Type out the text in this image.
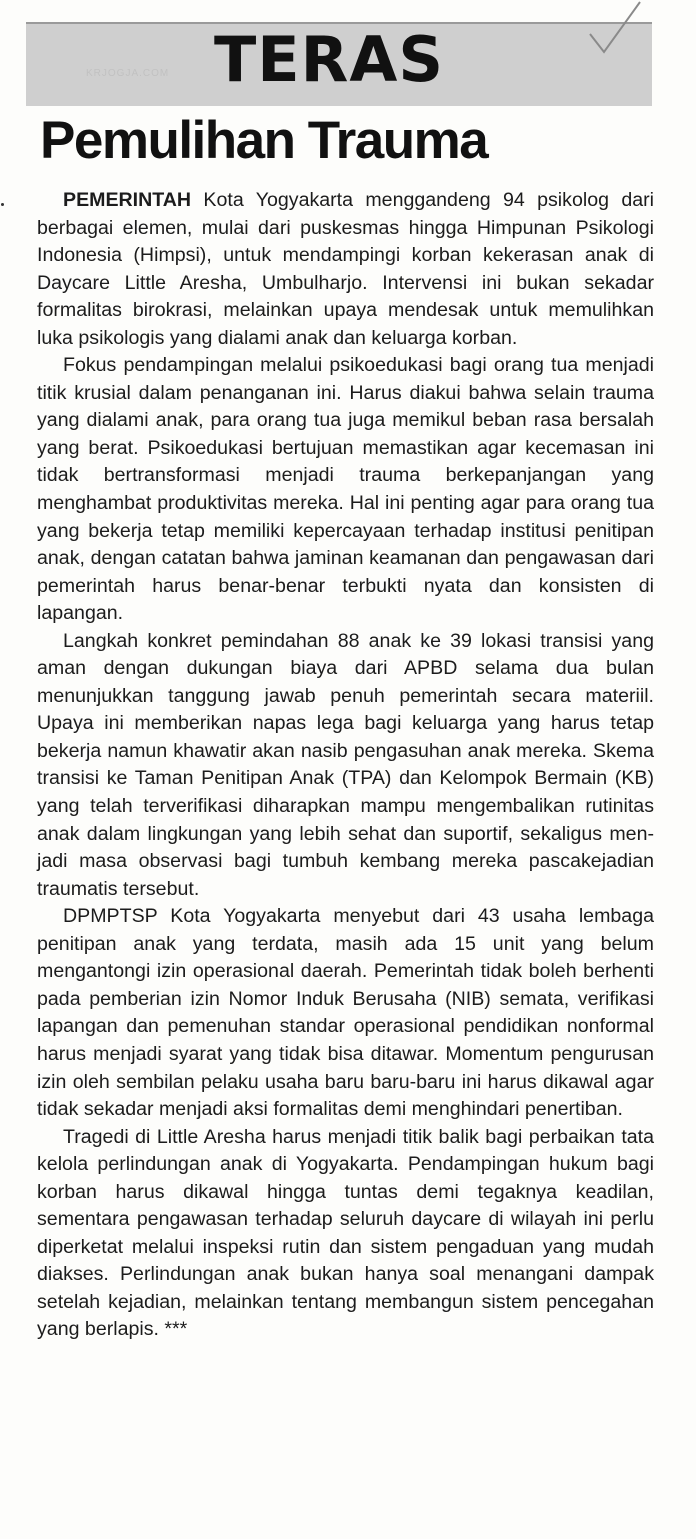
KRJOGJA.COM TERAS
Pemulihan Trauma

PEMERINTAH Kota Yogyakarta menggandeng 94 psikolog dari berbagai elemen, mulai dari puskesmas hingga Himpunan Psikologi Indonesia (Himpsi), untuk mendampingi korban kekerasan anak di Daycare Little Aresha, Umbulharjo. Intervensi ini bukan sekadar formalitas birokrasi, melainkan upaya mendesak untuk memulihkan luka psikologis yang dialami anak dan keluarga korban.

Fokus pendampingan melalui psikoedukasi bagi orang tua menjadi titik krusial dalam penanganan ini. Harus diakui bahwa selain trauma yang dialami anak, para orang tua juga memikul beban rasa bersalah yang berat. Psikoedukasi bertujuan memastikan agar kecemasan ini tidak bertransformasi menjadi trauma berkepanjangan yang menghambat produktivitas mereka. Hal ini penting agar para orang tua yang bekerja tetap memiliki kepercayaan terhadap institusi penitipan anak, dengan catatan bahwa jaminan keamanan dan pengawasan dari pemerintah harus benar-benar terbukti nyata dan konsisten di lapangan.

Langkah konkret pemindahan 88 anak ke 39 lokasi transisi yang aman dengan dukungan biaya dari APBD selama dua bulan menunjukkan tanggung jawab penuh pemerintah secara materiil. Upaya ini memberikan napas lega bagi keluarga yang harus tetap bekerja namun khawatir akan nasib pengasuhan anak mereka. Skema transisi ke Taman Penitipan Anak (TPA) dan Kelompok Bermain (KB) yang telah terverifikasi diharapkan mampu mengembalikan rutinitas anak dalam lingkungan yang lebih sehat dan suportif, sekaligus menjadi masa observasi bagi tumbuh kembang mereka pascakejadian traumatis tersebut.

DPMPTSP Kota Yogyakarta menyebut dari 43 usaha lembaga penitipan anak yang terdata, masih ada 15 unit yang belum mengantongi izin operasional daerah. Pemerintah tidak boleh berhenti pada pemberian izin Nomor Induk Berusaha (NIB) semata, verifikasi lapangan dan pemenuhan standar operasional pendidikan nonformal harus menjadi syarat yang tidak bisa ditawar. Momentum pengurusan izin oleh sembilan pelaku usaha baru baru-baru ini harus dikawal agar tidak sekadar menjadi aksi formalitas demi menghindari penertiban.

Tragedi di Little Aresha harus menjadi titik balik bagi perbaikan tata kelola perlindungan anak di Yogyakarta. Pendampingan hukum bagi korban harus dikawal hingga tuntas demi tegaknya keadilan, sementara pengawasan terhadap seluruh daycare di wilayah ini perlu diperketat melalui inspeksi rutin dan sistem pengaduan yang mudah diakses. Perlindungan anak bukan hanya soal menangani dampak setelah kejadian, melainkan tentang membangun sistem pencegahan yang berlapis. ***
